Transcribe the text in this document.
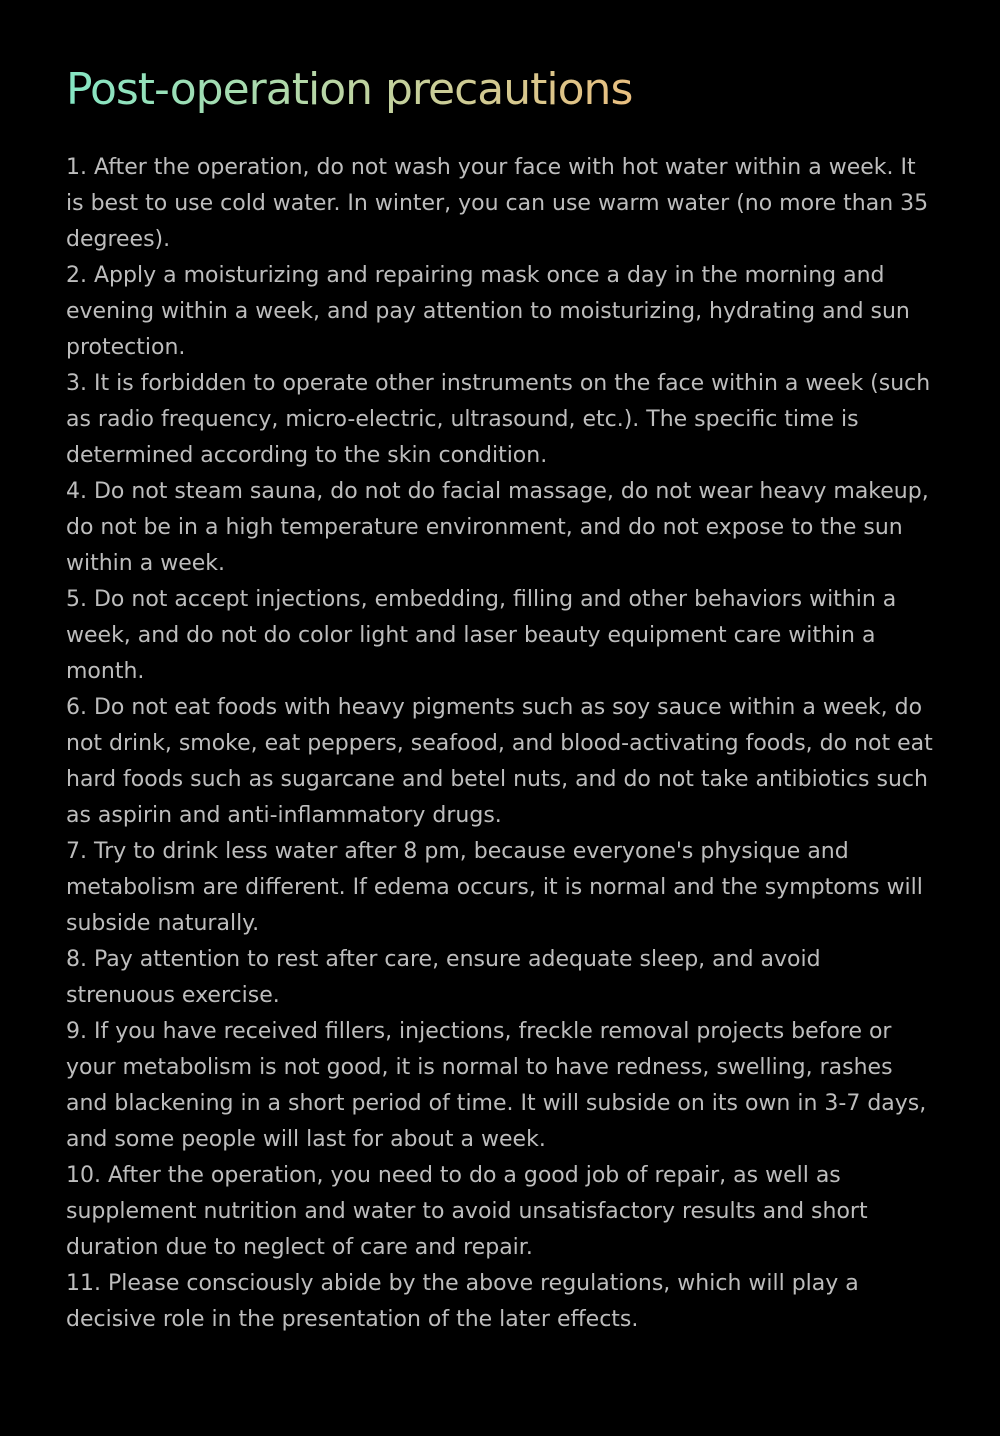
Post-operation precautions
1. After the operation, do not wash your face with hot water within a week. It is best to use cold water. In winter, you can use warm water (no more than 35 degrees).
2. Apply a moisturizing and repairing mask once a day in the morning and evening within a week, and pay attention to moisturizing, hydrating and sun protection.
3. It is forbidden to operate other instruments on the face within a week (such as radio frequency, micro-electric, ultrasound, etc.). The specific time is determined according to the skin condition.
4. Do not steam sauna, do not do facial massage, do not wear heavy makeup, do not be in a high temperature environment, and do not expose to the sun within a week.
5. Do not accept injections, embedding, filling and other behaviors within a week, and do not do color light and laser beauty equipment care within a month.
6. Do not eat foods with heavy pigments such as soy sauce within a week, do not drink, smoke, eat peppers, seafood, and blood-activating foods, do not eat hard foods such as sugarcane and betel nuts, and do not take antibiotics such as aspirin and anti-inflammatory drugs.
7. Try to drink less water after 8 pm, because everyone's physique and metabolism are different. If edema occurs, it is normal and the symptoms will subside naturally.
8. Pay attention to rest after care, ensure adequate sleep, and avoid strenuous exercise.
9. If you have received fillers, injections, freckle removal projects before or your metabolism is not good, it is normal to have redness, swelling, rashes and blackening in a short period of time. It will subside on its own in 3-7 days, and some people will last for about a week.
10. After the operation, you need to do a good job of repair, as well as supplement nutrition and water to avoid unsatisfactory results and short duration due to neglect of care and repair.
11. Please consciously abide by the above regulations, which will play a decisive role in the presentation of the later effects.
